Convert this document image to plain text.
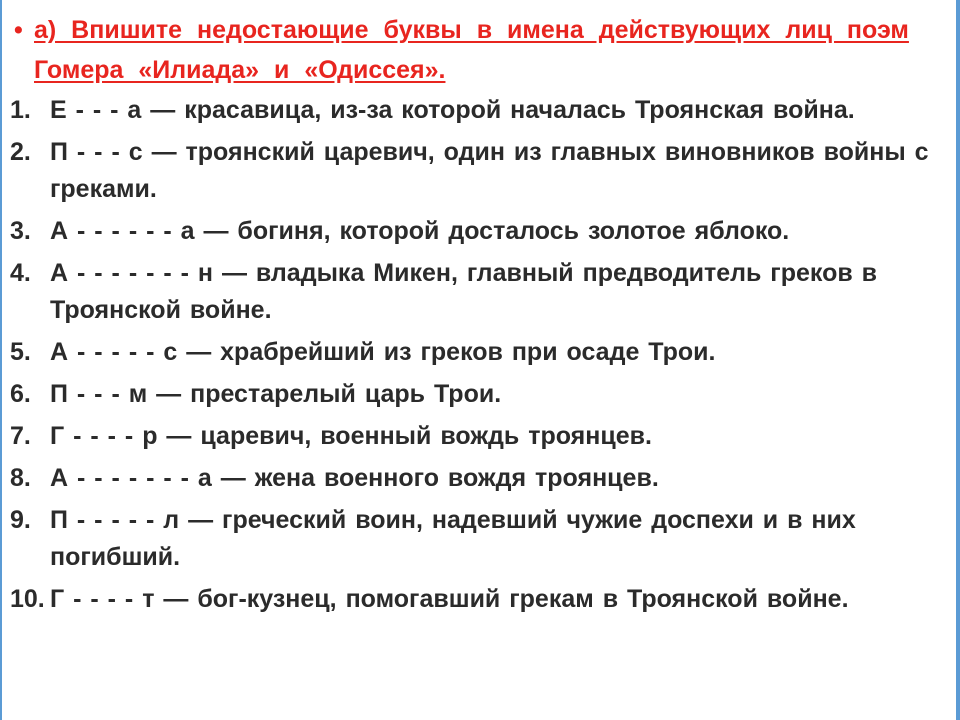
• а) Впишите недостающие буквы в имена действующих лиц поэм Гомера «Илиада» и «Одиссея».
1. Е - - - а — красавица, из-за которой началась Троянская война.
2. П - - - с — троянский царевич, один из главных виновников войны с греками.
3. А - - - - - - а — богиня, которой досталось золотое яблоко.
4. А - - - - - - - н — владыка Микен, главный предводитель греков в Троянской войне.
5. А - - - - - с — храбрейший из греков при осаде Трои.
6. П - - - м — престарелый царь Трои.
7. Г - - - - р — царевич, военный вождь троянцев.
8. А - - - - - - - а — жена военного вождя троянцев.
9. П - - - - - л — греческий воин, надевший чужие доспехи и в них погибший.
10. Г - - - - т — бог-кузнец, помогавший грекам в Троянской войне.
